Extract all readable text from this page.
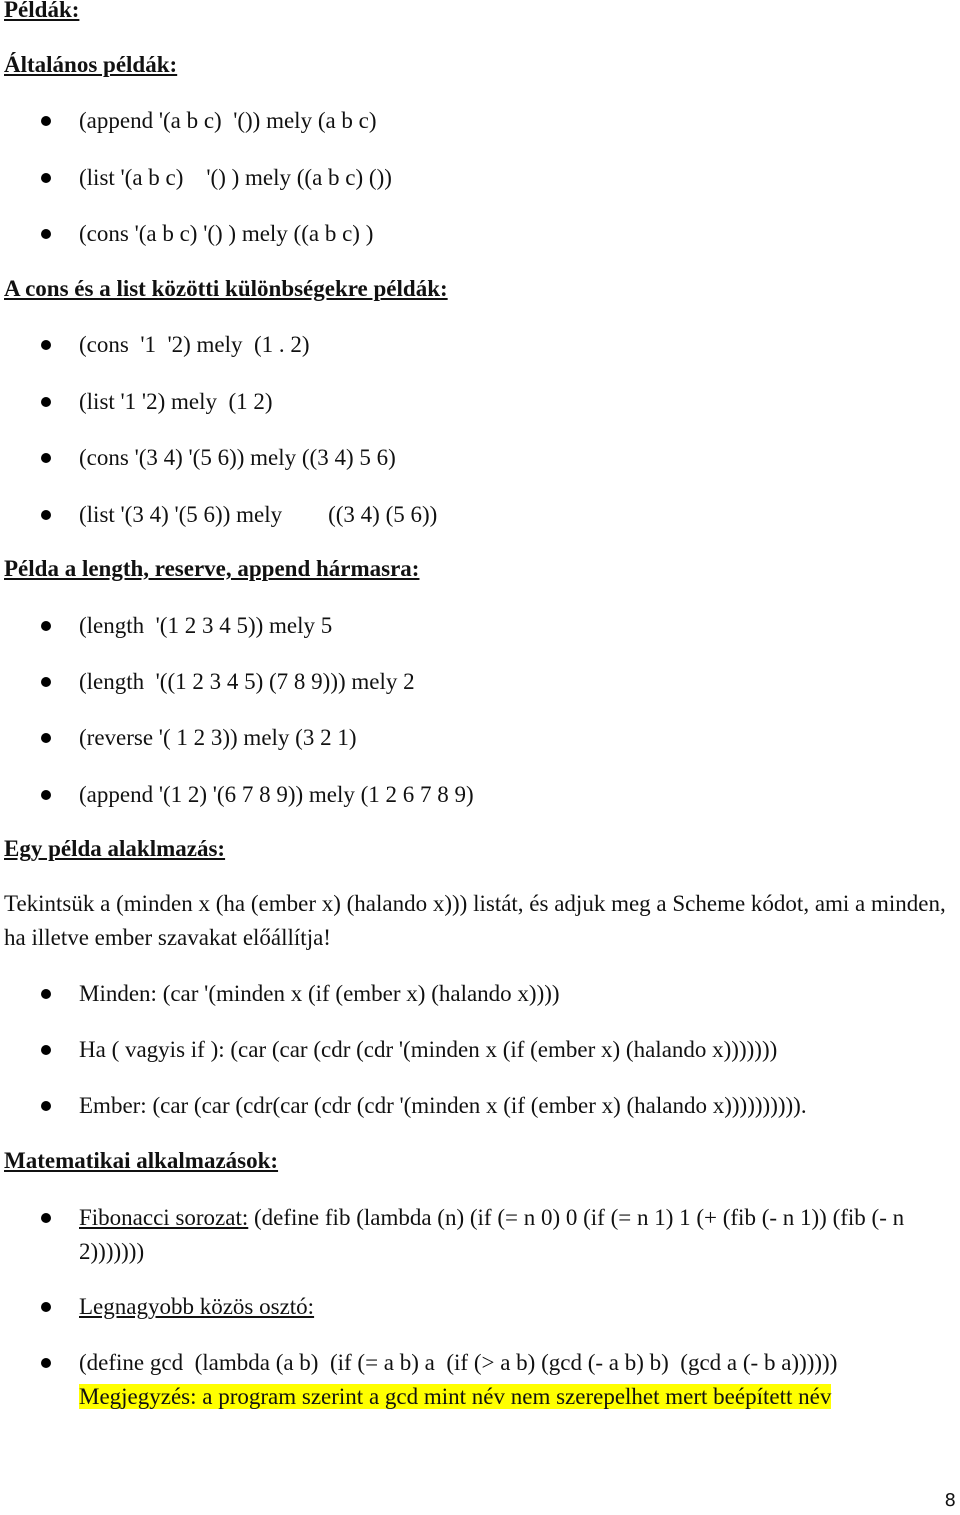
Példák:
Általános példák:
(append '(a b c)  '()) mely (a b c)
(list '(a b c)    '() ) mely ((a b c) ())
(cons '(a b c) '() ) mely ((a b c) )
A cons és a list közötti különbségekre példák:
(cons  '1  '2) mely  (1 . 2)
(list '1 '2) mely  (1 2)
(cons '(3 4) '(5 6)) mely ((3 4) 5 6)
(list '(3 4) '(5 6)) mely        ((3 4) (5 6))
Példa a length, reserve, append hármasra:
(length  '(1 2 3 4 5)) mely 5
(length  '((1 2 3 4 5) (7 8 9))) mely 2
(reverse '( 1 2 3)) mely (3 2 1)
(append '(1 2) '(6 7 8 9)) mely (1 2 6 7 8 9)
Egy példa alaklmazás:

Tekintsük a (minden x (ha (ember x) (halando x))) listát, és adjuk meg a Scheme kódot, ami a minden, ha illetve ember szavakat előállítja!

Minden: (car '(minden x (if (ember x) (halando x))))
Ha ( vagyis if ): (car (car (cdr (cdr '(minden x (if (ember x) (halando x)))))))
Ember: (car (car (cdr(car (cdr (cdr '(minden x (if (ember x) (halando x)))))))))).
Matematikai alkalmazások:
Fibonacci sorozat: (define fib (lambda (n) (if (= n 0) 0 (if (= n 1) 1 (+ (fib (- n 1)) (fib (- n 2)))))))
Legnagyobb közös osztó:
(define gcd  (lambda (a b)  (if (= a b) a  (if (> a b) (gcd (- a b) b)  (gcd a (- b a))))))
Megjegyzés: a program szerint a gcd mint név nem szerepelhet mert beépített név
8
